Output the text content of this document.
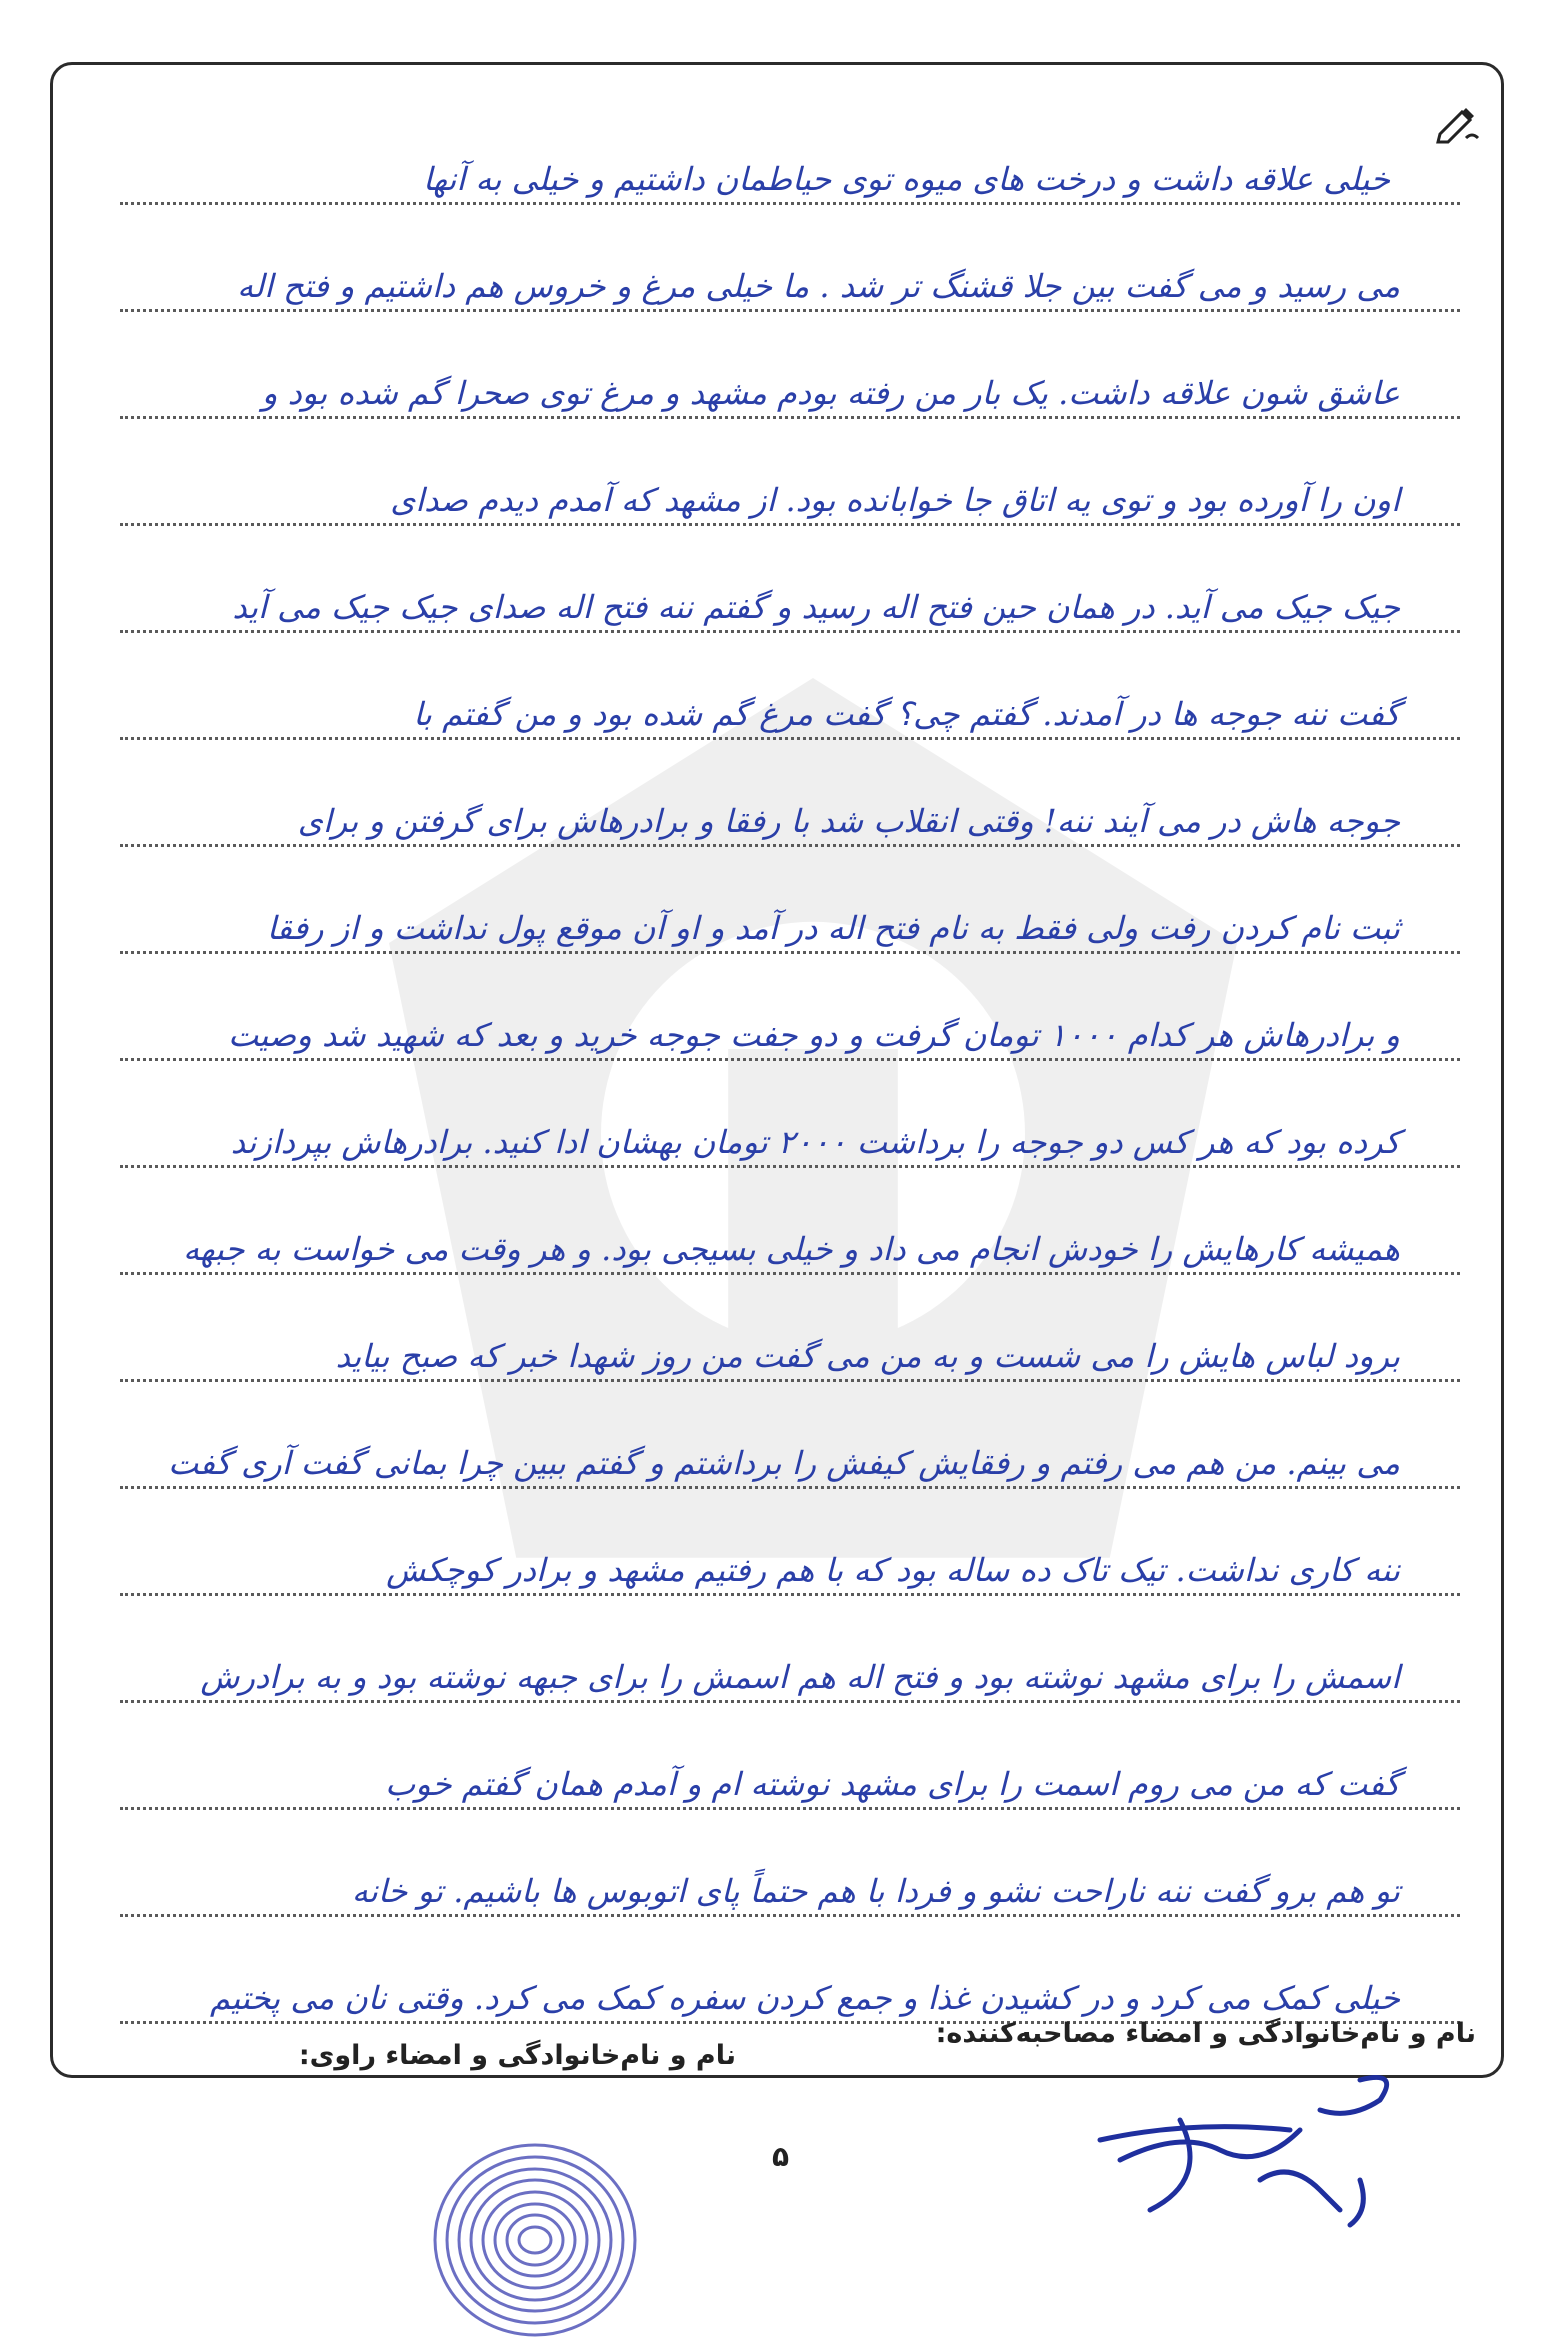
خیلی علاقه داشت و درخت های میوه توی حیاطمان داشتیم و خیلی به آنها
می رسید و می گفت بین جلا قشنگ تر شد . ما خیلی مرغ و خروس هم داشتیم و فتح اله
عاشق شون علاقه داشت. یک بار من رفته بودم مشهد و مرغ توی صحرا گم شده بود و
اون را آورده بود و توی یه اتاق جا خوابانده بود. از مشهد که آمدم دیدم صدای
جیک جیک می آید. در همان حین فتح اله رسید و گفتم ننه فتح اله صدای جیک جیک می آید
گفت ننه جوجه ها در آمدند. گفتم چی؟ گفت مرغ گم شده بود و من گفتم با
جوجه هاش در می آیند ننه! وقتی انقلاب شد با رفقا و برادرهاش برای گرفتن و برای
ثبت نام کردن رفت ولی فقط به نام فتح اله در آمد و او آن موقع پول نداشت و از رفقا
و برادرهاش هر کدام ۱۰۰۰ تومان گرفت و دو جفت جوجه خرید و بعد که شهید شد وصیت
کرده بود که هر کس دو جوجه را برداشت ۲۰۰۰ تومان بهشان ادا کنید. برادرهاش بپردازند
همیشه کارهایش را خودش انجام می داد و خیلی بسیجی بود. و هر وقت می خواست به جبهه
برود لباس هایش را می شست و به من می گفت من روز شهدا خبر که صبح بیاید
می بینم. من هم می رفتم و رفقایش کیفش را برداشتم و گفتم ببین چرا بمانی گفت آری گفت
ننه کاری نداشت. تیک تاک ده ساله بود که با هم رفتیم مشهد و برادر کوچکش
اسمش را برای مشهد نوشته بود و فتح اله هم اسمش را برای جبهه نوشته بود و به برادرش
گفت که من می روم اسمت را برای مشهد نوشته ام و آمدم همان گفتم خوب
تو هم برو گفت ننه ناراحت نشو و فردا با هم حتماً پای اتوبوس ها باشیم. تو خانه
خیلی کمک می کرد و در کشیدن غذا و جمع کردن سفره کمک می کرد. وقتی نان می پختیم
نام و نام‌خانوادگی و امضاء مصاحبه‌کننده:
نام و نام‌خانوادگی و امضاء راوی:
۵
